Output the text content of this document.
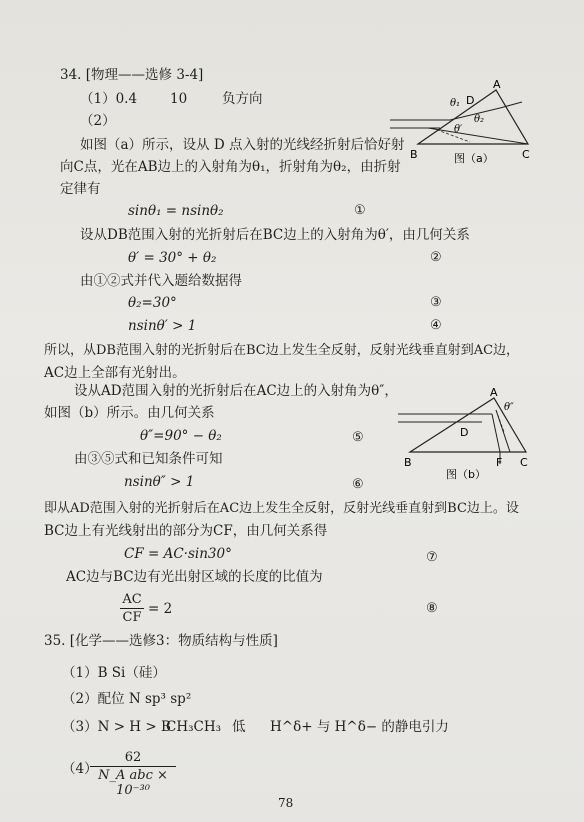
34. [物理——选修 3-4]
（1）0.4 10	负方向
（2）
如图（a）所示，设从 D 点入射的光线经折射后恰好射
向C点，光在AB边上的入射角为θ₁，折射角为θ₂，由折射
定律有
sinθ₁ = nsinθ₂	①
设从DB范围入射的光折射后在BC边上的入射角为θ′，由几何关系
θ′ = 30° + θ₂	②
由①②式并代入题给数据得
θ₂=30°	③
nsinθ′ > 1	④
所以，从DB范围入射的光折射后在BC边上发生全反射，反射光线垂直射到AC边，
AC边上全部有光射出。
设从AD范围入射的光折射后在AC边上的入射角为θ″，
如图（b）所示。由几何关系
θ″=90° − θ₂	⑤
由③⑤式和已知条件可知
nsinθ″ > 1	⑥
即从AD范围入射的光折射后在AC边上发生全反射，反射光线垂直射到BC边上。设
BC边上有光线射出的部分为CF，由几何关系得
CF = AC·sin30°	⑦
AC边与BC边有光出射区域的长度的比值为
AC
CF
= 2	⑧
A
B	C
D
θ₁
θ₂
θ′
图（a）
A
B	C
D
F
θ″
图（b）
35. [化学——选修3：物质结构与性质]
（1）B Si（硅）
（2）配位 N sp³ sp²
（3）N > H > B
CH₃CH₃ 低 H^δ+ 与 H^δ− 的静电引力
（4）
62
N_A abc × 10⁻³⁰
78
